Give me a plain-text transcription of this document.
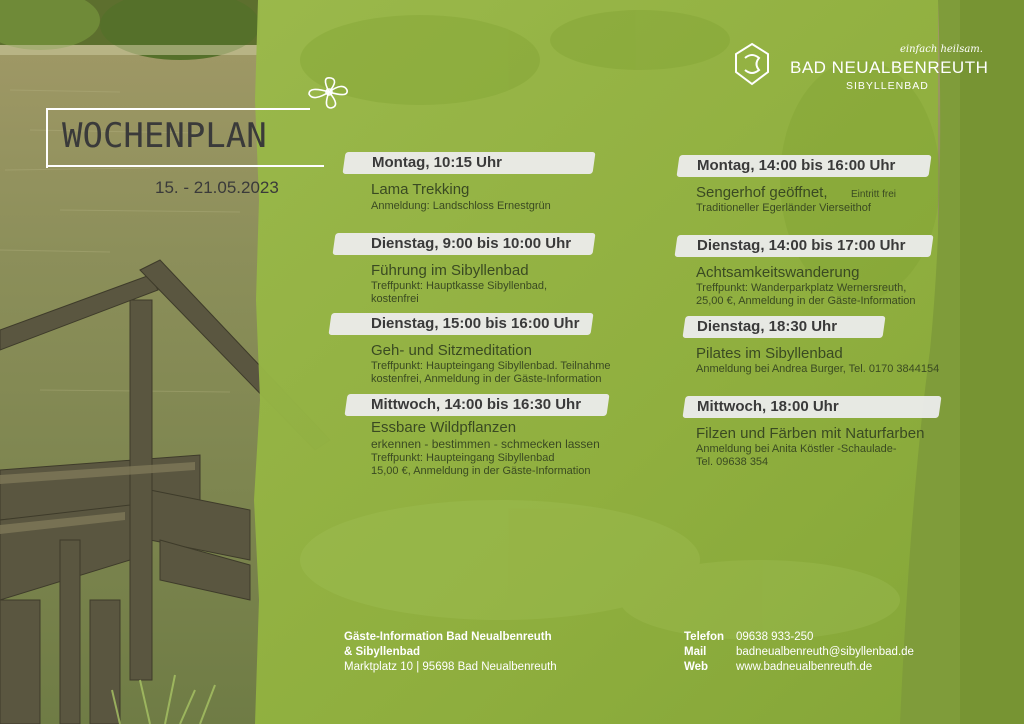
einfach heilsam.
BAD NEUALBENREUTH
SIBYLLENBAD
WOCHENPLAN
15. - 21.05.2023
Montag, 10:15 Uhr
Lama Trekking
Anmeldung: Landschloss Ernestgrün
Dienstag, 9:00 bis 10:00 Uhr
Führung im Sibyllenbad
Treffpunkt: Hauptkasse Sibyllenbad,
kostenfrei
Dienstag, 15:00 bis 16:00 Uhr
Geh- und Sitzmeditation
Treffpunkt: Haupteingang Sibyllenbad. Teilnahme
kostenfrei, Anmeldung in der Gäste-Information
Mittwoch, 14:00 bis 16:30 Uhr
Essbare Wildpflanzen
erkennen - bestimmen - schmecken lassen
Treffpunkt: Haupteingang Sibyllenbad
15,00 €, Anmeldung in der Gäste-Information
Montag, 14:00 bis 16:00 Uhr
Sengerhof geöffnet, Eintritt frei
Traditioneller Egerländer Vierseithof
Dienstag, 14:00 bis 17:00 Uhr
Achtsamkeitswanderung
Treffpunkt: Wanderparkplatz Wernersreuth,
25,00 €, Anmeldung in der Gäste-Information
Dienstag, 18:30 Uhr
Pilates im Sibyllenbad
Anmeldung bei Andrea Burger, Tel. 0170 3844154
Mittwoch, 18:00 Uhr
Filzen und Färben mit Naturfarben
Anmeldung bei Anita Köstler -Schaulade-
Tel. 09638 354
Gäste-Information Bad Neualbenreuth
& Sibyllenbad
Marktplatz 10 | 95698 Bad Neualbenreuth
Telefon
Mail
Web
09638 933-250
badneualbenreuth@sibyllenbad.de
www.badneualbenreuth.de
